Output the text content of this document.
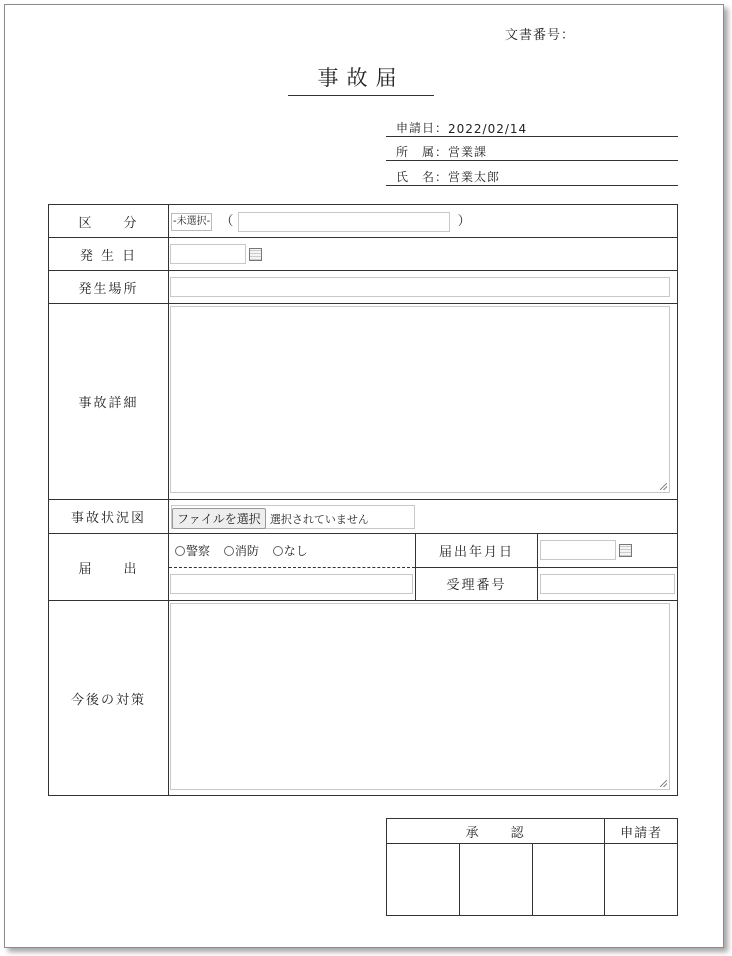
文書番号：
事故届
申請日： 2022/02/14
所　属： 営業課
氏　名： 営業太郎
区　　分	-未選択- （	）
発 生 日	
発生場所	
事故詳細	

事故状況図	ファイルを選択 選択されていません
届　　出	
警察 消防 なし	届出年月日	
	受理番号	

今後の対策	
承　　認			申請者
